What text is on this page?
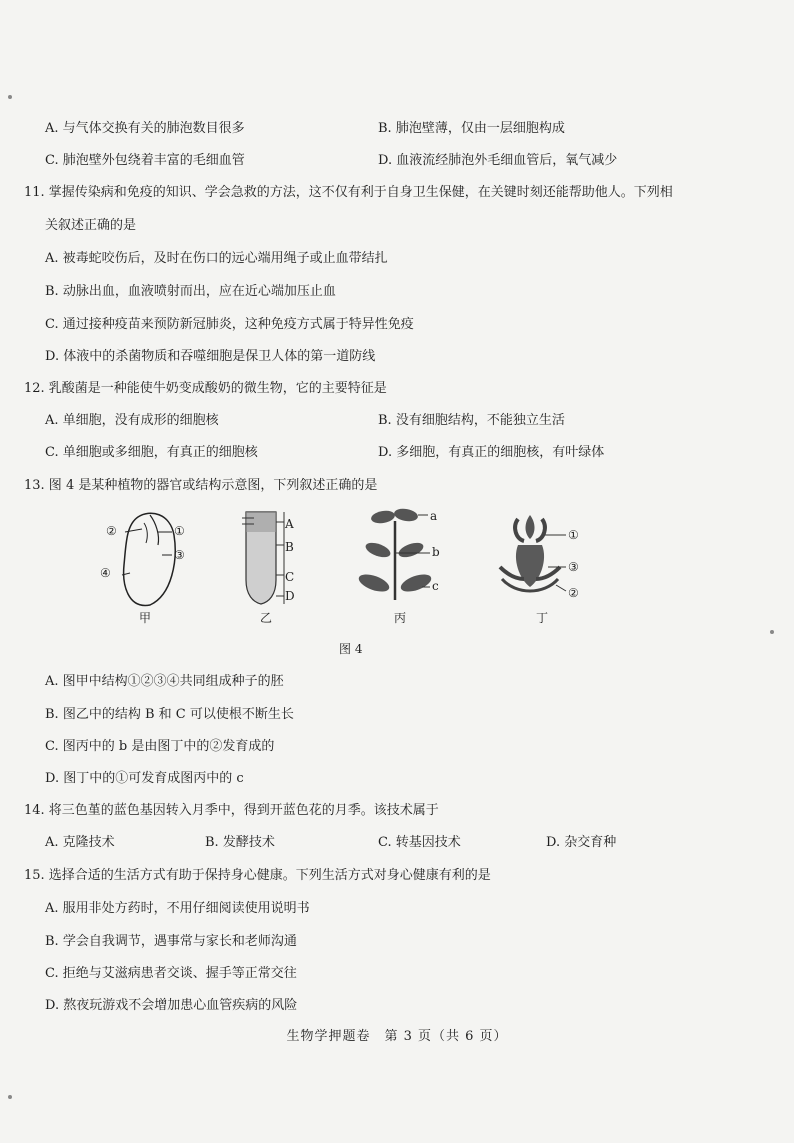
A. 与气体交换有关的肺泡数目很多	B. 肺泡壁薄，仅由一层细胞构成
C. 肺泡壁外包绕着丰富的毛细血管	D. 血液流经肺泡外毛细血管后，氧气减少
11. 掌握传染病和免疫的知识、学会急救的方法，这不仅有利于自身卫生保健，在关键时刻还能帮助他人。下列相
关叙述正确的是
A. 被毒蛇咬伤后，及时在伤口的远心端用绳子或止血带结扎
B. 动脉出血，血液喷射而出，应在近心端加压止血
C. 通过接种疫苗来预防新冠肺炎，这种免疫方式属于特异性免疫
D. 体液中的杀菌物质和吞噬细胞是保卫人体的第一道防线
12. 乳酸菌是一种能使牛奶变成酸奶的微生物，它的主要特征是
A. 单细胞，没有成形的细胞核	B. 没有细胞结构，不能独立生活
C. 单细胞或多细胞，有真正的细胞核	D. 多细胞，有真正的细胞核，有叶绿体
13. 图 4 是某种植物的器官或结构示意图，下列叙述正确的是
②	①
③
④
A
B
C
D
a
b
c
①
③
②
甲	乙	丙	丁
图 4
A. 图甲中结构①②③④共同组成种子的胚
B. 图乙中的结构 B 和 C 可以使根不断生长
C. 图丙中的 b 是由图丁中的②发育成的
D. 图丁中的①可发育成图丙中的 c
14. 将三色堇的蓝色基因转入月季中，得到开蓝色花的月季。该技术属于
A. 克隆技术	B. 发酵技术	C. 转基因技术	D. 杂交育种
15. 选择合适的生活方式有助于保持身心健康。下列生活方式对身心健康有利的是
A. 服用非处方药时，不用仔细阅读使用说明书
B. 学会自我调节，遇事常与家长和老师沟通
C. 拒绝与艾滋病患者交谈、握手等正常交往
D. 熬夜玩游戏不会增加患心血管疾病的风险
生物学押题卷　第 3 页（共 6 页）
